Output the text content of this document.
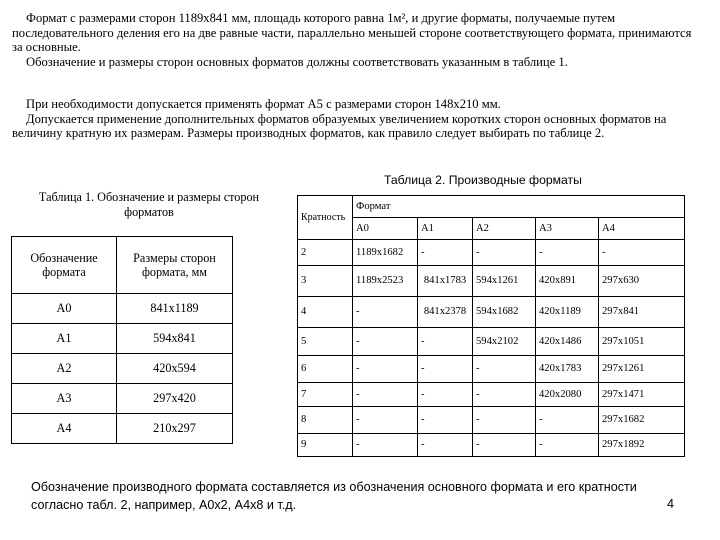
Формат с размерами сторон 1189x841 мм, площадь которого равна 1м², и другие форматы, получаемые путем последовательного деления его на две равные части, параллельно меньшей стороне соответствующего формата, принимаются за основные.

Обозначение и размеры сторон основных форматов должны соответствовать указанным в таблице 1.

При необходимости допускается применять формат А5 с размерами сторон 148x210 мм.

Допускается применение дополнительных форматов образуемых увеличением коротких сторон основных форматов на величину кратную их размерам. Размеры производных форматов, как правило следует выбирать по таблице 2.

Таблица 1. Обозначение и размеры сторон форматов
Обозначение формата	Размеры сторон формата, мм
А0	841x1189
А1	594x841
А2	420x594
А3	297x420
А4	210x297
Таблица 2. Производные форматы
Кратность	Формат				
	А0	А1	А2	А3	А4
2	1189x1682	-	-	-	-
3	1189x2523	841x1783	594x1261	420x891	297x630
4	-	841x2378	594x1682	420x1189	297x841
5	-	-	594x2102	420x1486	297x1051
6	-	-	-	420x1783	297x1261
7	-	-	-	420x2080	297x1471
8	-	-	-	-	297x1682
9	-	-	-	-	297x1892
Обозначение производного формата составляется из обозначения основного формата и его кратности согласно табл. 2, например, А0x2, А4x8 и т.д.	4
